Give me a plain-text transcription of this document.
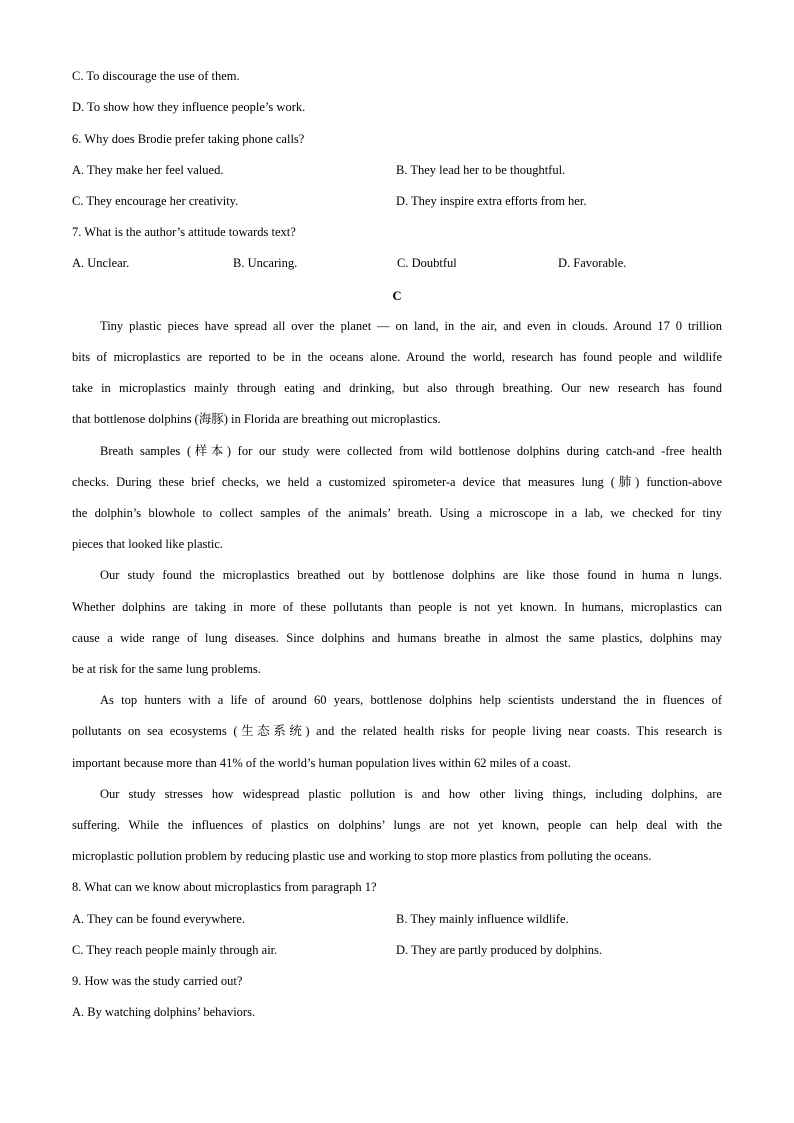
C. To discourage the use of them.
D. To show how they influence people’s work.
6. Why does Brodie prefer taking phone calls?
A. They make her feel valued.	B. They lead her to be thoughtful.
C. They encourage her creativity.	D. They inspire extra efforts from her.
7. What is the author’s attitude towards text?
A. Unclear.	B. Uncaring.	C. Doubtful	D. Favorable.
C
Tiny plastic pieces have spread all over the planet — on land, in the air, and even in clouds. Around 17 0 trillion
bits of microplastics are reported to be in the oceans alone. Around the world, research has found people and wildlife
take in microplastics mainly through eating and drinking, but also through breathing. Our new research has found
that bottlenose dolphins (海豚) in Florida are breathing out microplastics.
Breath samples (样本) for our study were collected from wild bottlenose dolphins during catch-and -free health
checks. During these brief checks, we held a customized spirometer-a device that measures lung (肺) function-above
the dolphin’s blowhole to collect samples of the animals’ breath. Using a microscope in a lab, we checked for tiny
pieces that looked like plastic.
Our study found the microplastics breathed out by bottlenose dolphins are like those found in huma n lungs.
Whether dolphins are taking in more of these pollutants than people is not yet known. In humans, microplastics can
cause a wide range of lung diseases. Since dolphins and humans breathe in almost the same plastics, dolphins may
be at risk for the same lung problems.
As top hunters with a life of around 60 years, bottlenose dolphins help scientists understand the in fluences of
pollutants on sea ecosystems (生态系统) and the related health risks for people living near coasts. This research is
important because more than 41% of the world’s human population lives within 62 miles of a coast.
Our study stresses how widespread plastic pollution is and how other living things, including dolphins, are
suffering. While the influences of plastics on dolphins’ lungs are not yet known, people can help deal with the
microplastic pollution problem by reducing plastic use and working to stop more plastics from polluting the oceans.
8. What can we know about microplastics from paragraph 1?
A. They can be found everywhere.	B. They mainly influence wildlife.
C. They reach people mainly through air.	D. They are partly produced by dolphins.
9. How was the study carried out?
A. By watching dolphins’ behaviors.
